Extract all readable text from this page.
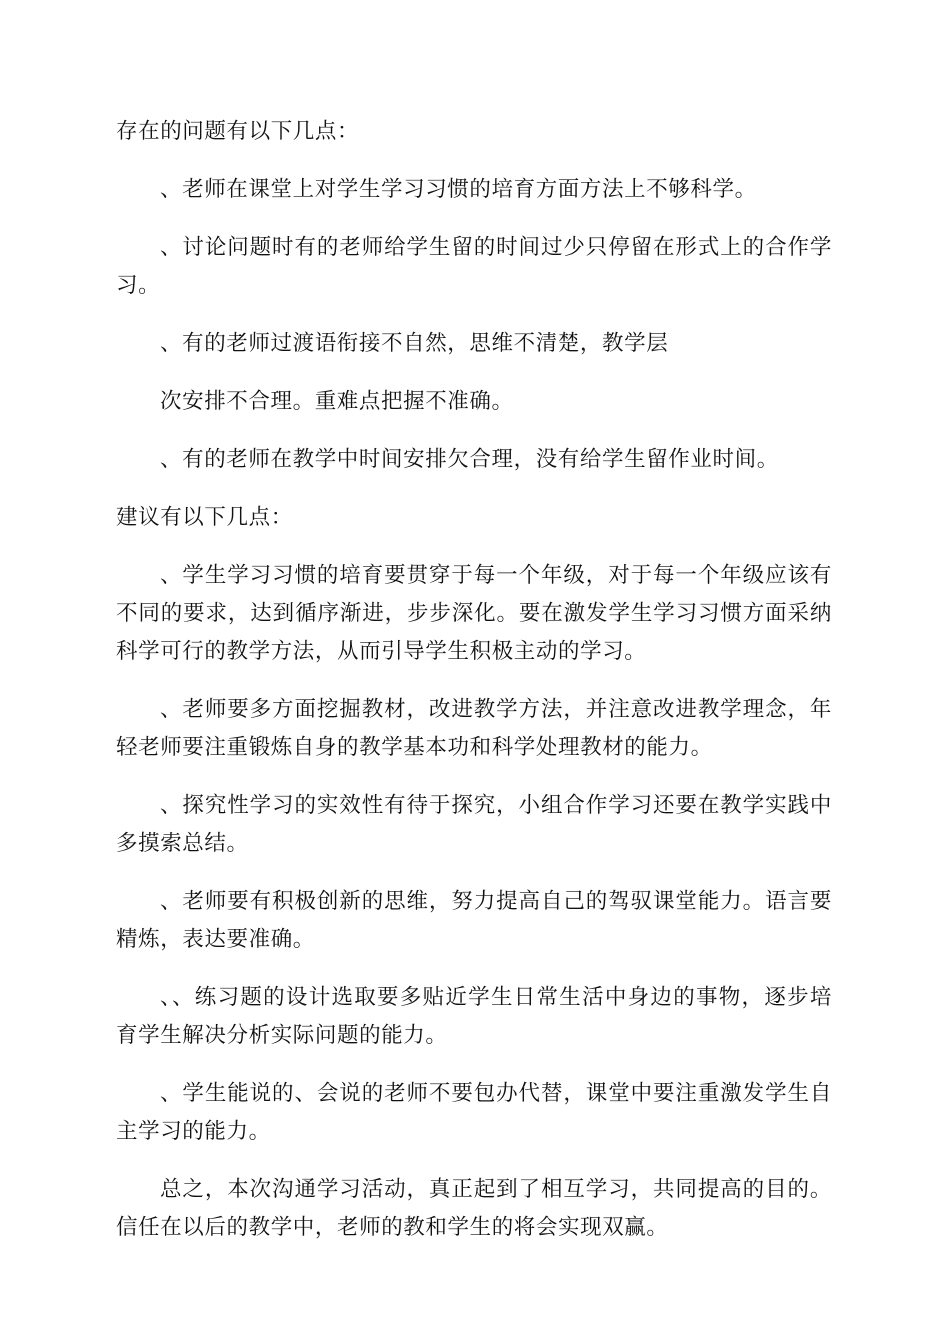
存在的问题有以下几点：

、老师在课堂上对学生学习习惯的培育方面方法上不够科学。

、讨论问题时有的老师给学生留的时间过少只停留在形式上的合作学习。

、有的老师过渡语衔接不自然，思维不清楚，教学层

次安排不合理。重难点把握不准确。

、有的老师在教学中时间安排欠合理，没有给学生留作业时间。

建议有以下几点：

、学生学习习惯的培育要贯穿于每一个年级，对于每一个年级应该有不同的要求，达到循序渐进，步步深化。要在激发学生学习习惯方面采纳科学可行的教学方法，从而引导学生积极主动的学习。

、老师要多方面挖掘教材，改进教学方法，并注意改进教学理念，年轻老师要注重锻炼自身的教学基本功和科学处理教材的能力。

、探究性学习的实效性有待于探究，小组合作学习还要在教学实践中多摸索总结。

、老师要有积极创新的思维，努力提高自己的驾驭课堂能力。语言要精炼，表达要准确。

、、练习题的设计选取要多贴近学生日常生活中身边的事物，逐步培育学生解决分析实际问题的能力。

、学生能说的、会说的老师不要包办代替，课堂中要注重激发学生自主学习的能力。

总之，本次沟通学习活动，真正起到了相互学习，共同提高的目的。信任在以后的教学中，老师的教和学生的将会实现双赢。
